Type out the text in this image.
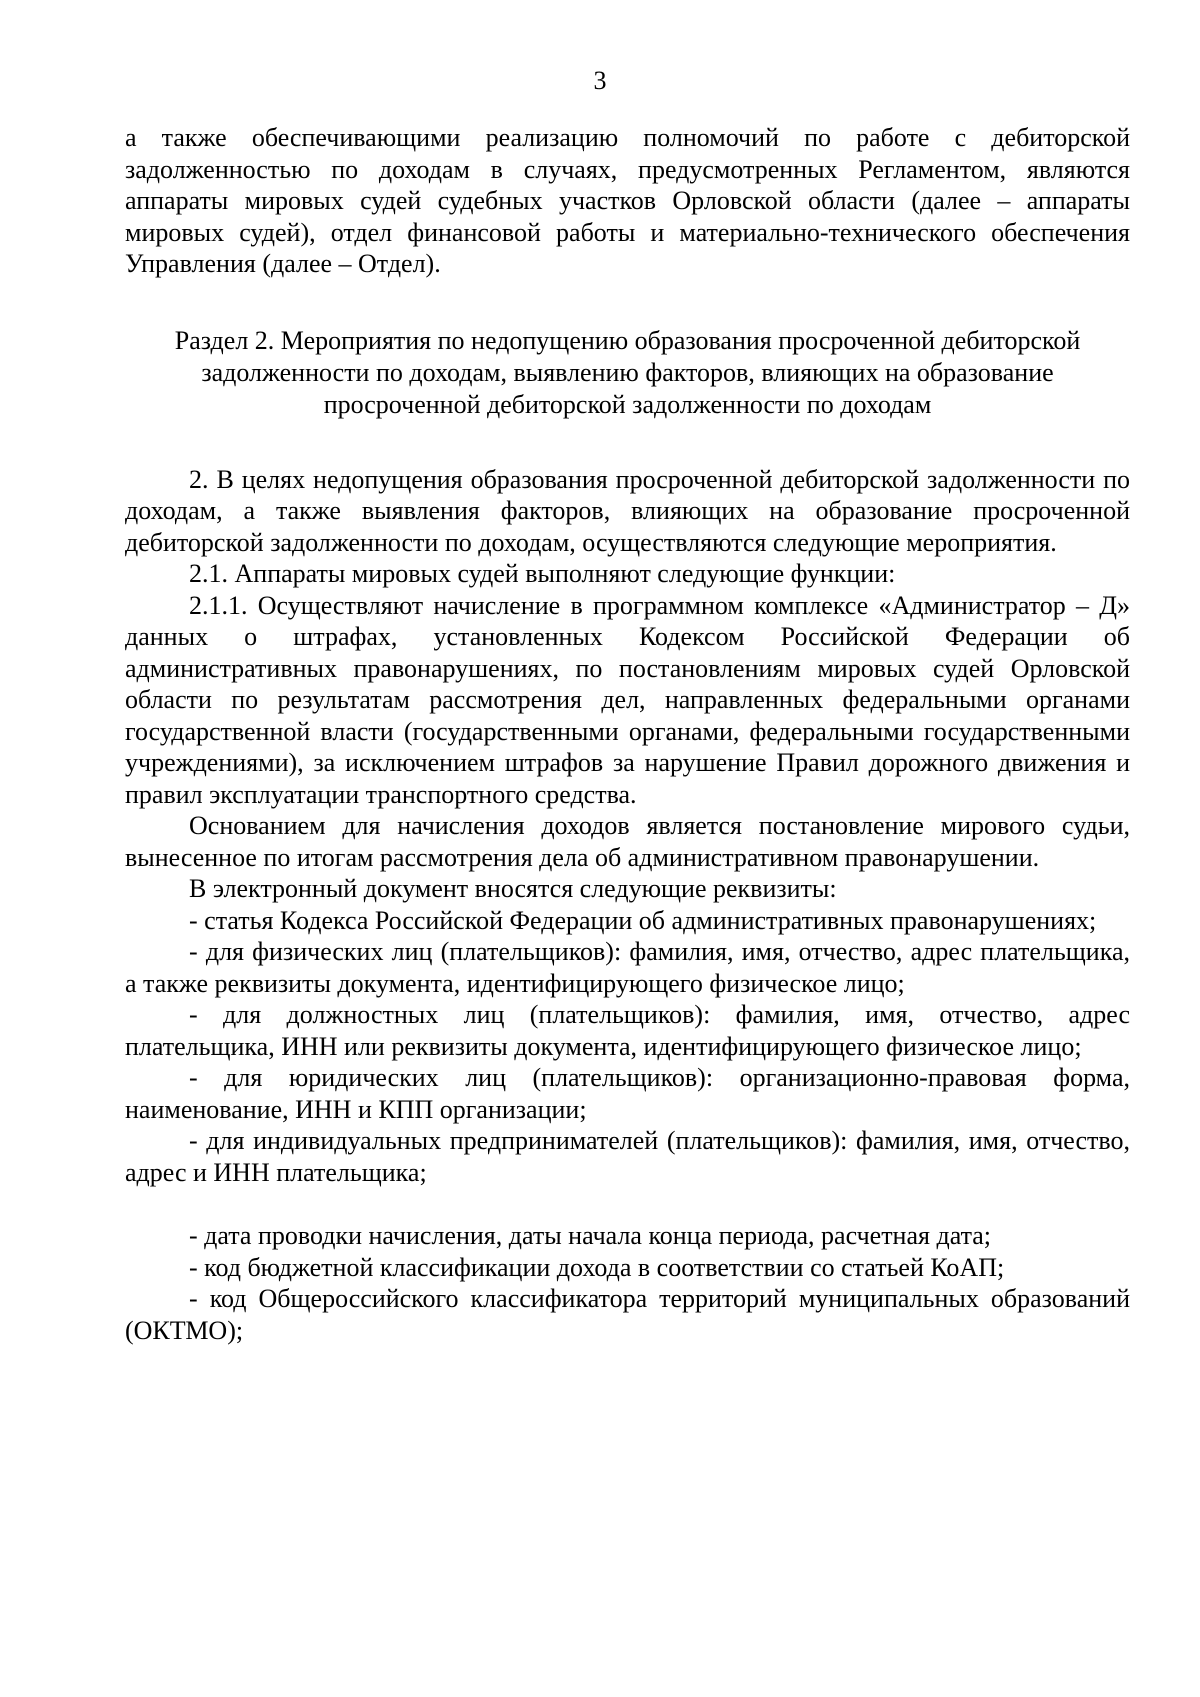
3

а также обеспечивающими реализацию полномочий по работе с дебиторской задолженностью по доходам в случаях, предусмотренных Регламентом, являются аппараты мировых судей судебных участков Орловской области (далее – аппараты мировых судей), отдел финансовой работы и материально-технического обеспечения Управления (далее – Отдел).

Раздел 2. Мероприятия по недопущению образования просроченной дебиторской задолженности по доходам, выявлению факторов, влияющих на образование просроченной дебиторской задолженности по доходам

2. В целях недопущения образования просроченной дебиторской задолженности по доходам, а также выявления факторов, влияющих на образование просроченной дебиторской задолженности по доходам, осуществляются следующие мероприятия.

2.1. Аппараты мировых судей выполняют следующие функции:

2.1.1. Осуществляют начисление в программном комплексе «Администратор – Д» данных о штрафах, установленных Кодексом Российской Федерации об административных правонарушениях, по постановлениям мировых судей Орловской области по результатам рассмотрения дел, направленных федеральными органами государственной власти (государственными органами, федеральными государственными учреждениями), за исключением штрафов за нарушение Правил дорожного движения и правил эксплуатации транспортного средства.

Основанием для начисления доходов является постановление мирового судьи, вынесенное по итогам рассмотрения дела об административном правонарушении.

В электронный документ вносятся следующие реквизиты:

- статья Кодекса Российской Федерации об административных правонарушениях;

- для физических лиц (плательщиков): фамилия, имя, отчество, адрес плательщика, а также реквизиты документа, идентифицирующего физическое лицо;

- для должностных лиц (плательщиков): фамилия, имя, отчество, адрес плательщика, ИНН или реквизиты документа, идентифицирующего физическое лицо;

- для юридических лиц (плательщиков): организационно-правовая форма, наименование, ИНН и КПП организации;

- для индивидуальных предпринимателей (плательщиков): фамилия, имя, отчество, адрес и ИНН плательщика;

- дата проводки начисления, даты начала конца периода, расчетная дата;

- код бюджетной классификации дохода в соответствии со статьей КоАП;

- код Общероссийского классификатора территорий муниципальных образований (ОКТМО);
